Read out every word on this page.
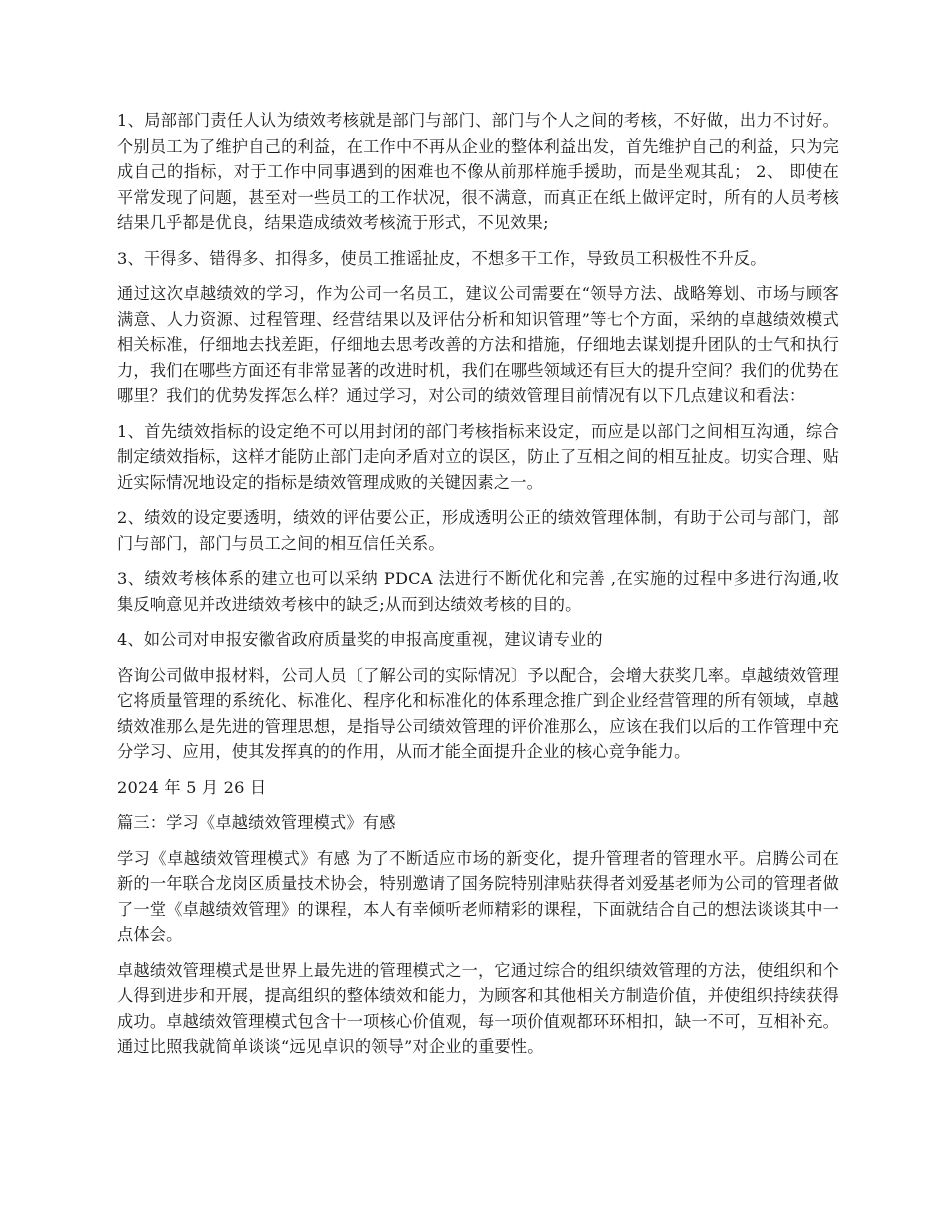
1、局部部门责任人认为绩效考核就是部门与部门、部门与个人之间的考核，不好做，出力不讨好。个别员工为了维护自己的利益，在工作中不再从企业的整体利益出发，首先维护自己的利益，只为完成自己的指标，对于工作中同事遇到的困难也不像从前那样施手援助，而是坐观其乱； 2、 即使在平常发现了问题，甚至对一些员工的工作状况，很不满意，而真正在纸上做评定时，所有的人员考核结果几乎都是优良，结果造成绩效考核流于形式，不见效果;

3、干得多、错得多、扣得多，使员工推谣扯皮，不想多干工作，导致员工积极性不升反。

通过这次卓越绩效的学习，作为公司一名员工，建议公司需要在“领导方法、战略筹划、市场与顾客满意、人力资源、过程管理、经营结果以及评估分析和知识管理”等七个方面，采纳的卓越绩效模式相关标准，仔细地去找差距，仔细地去思考改善的方法和措施，仔细地去谋划提升团队的士气和执行力，我们在哪些方面还有非常显著的改进时机，我们在哪些领域还有巨大的提升空间？我们的优势在哪里？我们的优势发挥怎么样？通过学习，对公司的绩效管理目前情况有以下几点建议和看法：

1、首先绩效指标的设定绝不可以用封闭的部门考核指标来设定，而应是以部门之间相互沟通，综合制定绩效指标，这样才能防止部门走向矛盾对立的误区，防止了互相之间的相互扯皮。切实合理、贴近实际情况地设定的指标是绩效管理成败的关键因素之一。

2、绩效的设定要透明，绩效的评估要公正，形成透明公正的绩效管理体制，有助于公司与部门，部门与部门，部门与员工之间的相互信任关系。

3、绩效考核体系的建立也可以采纳 PDCA 法进行不断优化和完善 ,在实施的过程中多进行沟通,收集反响意见并改进绩效考核中的缺乏;从而到达绩效考核的目的。

4、如公司对申报安徽省政府质量奖的申报高度重视，建议请专业的

咨询公司做申报材料，公司人员〔了解公司的实际情况〕予以配合，会增大获奖几率。卓越绩效管理它将质量管理的系统化、标准化、程序化和标准化的体系理念推广到企业经营管理的所有领域，卓越绩效准那么是先进的管理思想，是指导公司绩效管理的评价准那么，应该在我们以后的工作管理中充分学习、应用，使其发挥真的的作用，从而才能全面提升企业的核心竞争能力。

2024 年 5 月 26 日

篇三：学习《卓越绩效管理模式》有感

学习《卓越绩效管理模式》有感 为了不断适应市场的新变化，提升管理者的管理水平。启腾公司在新的一年联合龙岗区质量技术协会，特别邀请了国务院特别津贴获得者刘爱基老师为公司的管理者做了一堂《卓越绩效管理》的课程，本人有幸倾听老师精彩的课程，下面就结合自己的想法谈谈其中一点体会。

卓越绩效管理模式是世界上最先进的管理模式之一，它通过综合的组织绩效管理的方法，使组织和个人得到进步和开展，提高组织的整体绩效和能力，为顾客和其他相关方制造价值，并使组织持续获得成功。卓越绩效管理模式包含十一项核心价值观，每一项价值观都环环相扣，缺一不可，互相补充。通过比照我就简单谈谈“远见卓识的领导”对企业的重要性。
